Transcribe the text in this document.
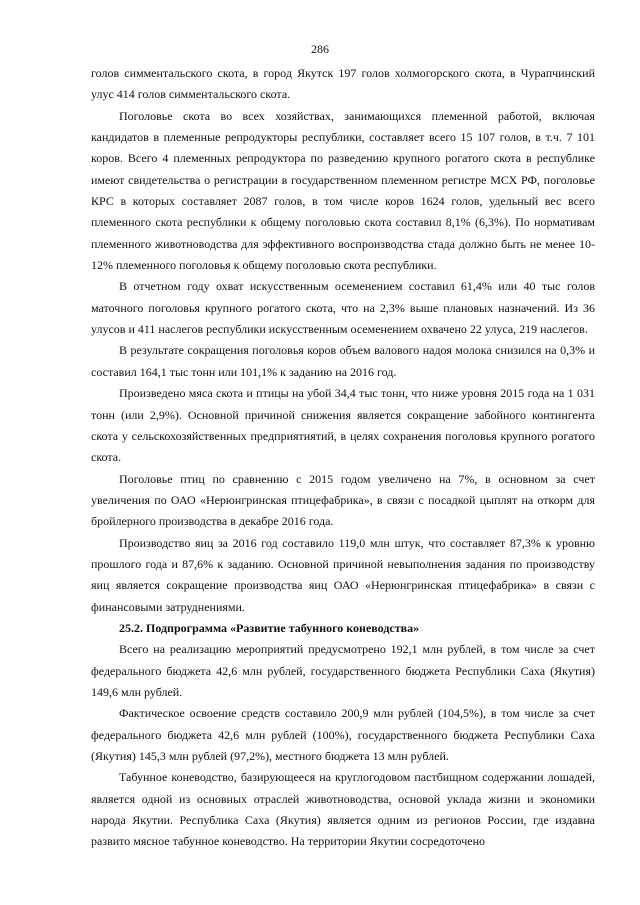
286

голов симментальского скота, в город Якутск 197 голов холмогорского скота, в Чурапчинский улус 414 голов симментальского скота.

Поголовье скота во всех хозяйствах, занимающихся племенной работой, включая кандидатов в племенные репродукторы республики, составляет всего 15 107 голов, в т.ч. 7 101 коров. Всего 4 племенных репродуктора по разведению крупного рогатого скота в республике имеют свидетельства о регистрации в государственном племенном регистре МСХ РФ, поголовье КРС в которых составляет 2087 голов, в том числе коров 1624 голов, удельный вес всего племенного скота республики к общему поголовью скота составил 8,1% (6,3%). По нормативам племенного животноводства для эффективного воспроизводства стада должно быть не менее 10-12% племенного поголовья к общему поголовью скота республики.

В отчетном году охват искусственным осеменением составил 61,4% или 40 тыс голов маточного поголовья крупного рогатого скота, что на 2,3% выше плановых назначений. Из 36 улусов и 411 наслегов республики искусственным осеменением охвачено 22 улуса, 219 наслегов.

В результате сокращения поголовья коров объем валового надоя молока снизился на 0,3% и составил 164,1 тыс тонн или 101,1% к заданию на 2016 год.

Произведено мяса скота и птицы на убой 34,4 тыс тонн, что ниже уровня 2015 года на 1 031 тонн (или 2,9%). Основной причиной снижения является сокращение забойного контингента скота у сельскохозяйственных предприятиятий, в целях сохранения поголовья крупного рогатого скота.

Поголовье птиц по сравнению с 2015 годом увеличено на 7%, в основном за счет увеличения по ОАО «Нерюнгринская птицефабрика», в связи с посадкой цыплят на откорм для бройлерного производства в декабре 2016 года.

Производство яиц за 2016 год составило 119,0 млн штук, что составляет 87,3% к уровню прошлого года и 87,6% к заданию. Основной причиной невыполнения задания по производству яиц является сокращение производства яиц ОАО «Нерюнгринская птицефабрика» в связи с финансовыми затруднениями.

25.2. Подпрограмма «Развитие табунного коневодства»

Всего на реализацию мероприятий предусмотрено 192,1 млн рублей, в том числе за счет федерального бюджета 42,6 млн рублей, государственного бюджета Республики Саха (Якутия) 149,6 млн рублей.

Фактическое освоение средств составило 200,9 млн рублей (104,5%), в том числе за счет федерального бюджета 42,6 млн рублей (100%), государственного бюджета Республики Саха (Якутия) 145,3 млн рублей (97,2%), местного бюджета 13 млн рублей.

Табунное коневодство, базирующееся на круглогодовом пастбищном содержании лошадей, является одной из основных отраслей животноводства, основой уклада жизни и экономики народа Якутии. Республика Саха (Якутия) является одним из регионов России, где издавна развито мясное табунное коневодство. На территории Якутии сосредоточено
